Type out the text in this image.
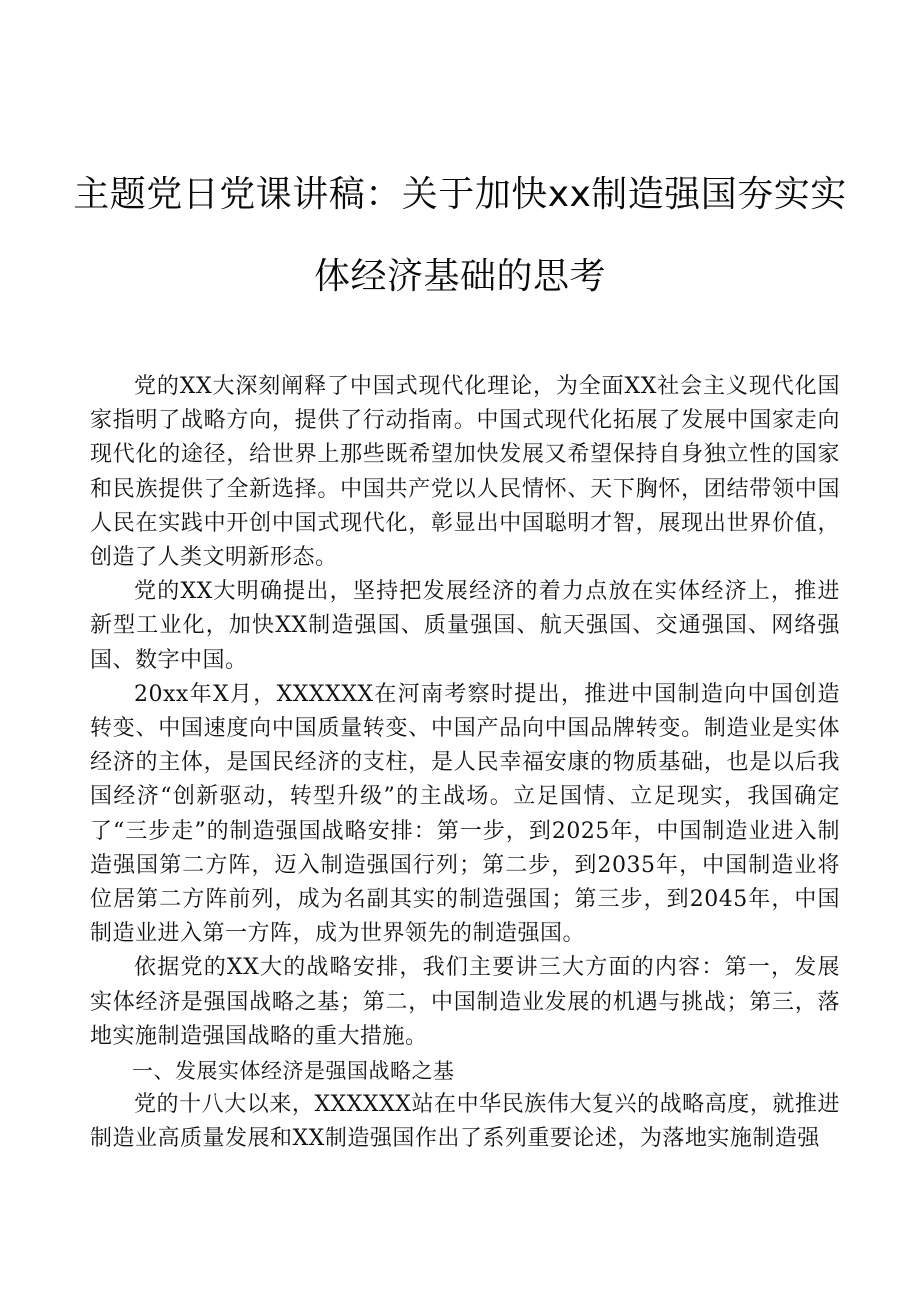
主题党日党课讲稿：关于加快xx制造强国夯实实
体经济基础的思考

党的XX大深刻阐释了中国式现代化理论，为全面XX社会主义现代化国家指明了战略方向，提供了行动指南。中国式现代化拓展了发展中国家走向现代化的途径，给世界上那些既希望加快发展又希望保持自身独立性的国家和民族提供了全新选择。中国共产党以人民情怀、天下胸怀，团结带领中国人民在实践中开创中国式现代化，彰显出中国聪明才智，展现出世界价值，创造了人类文明新形态。

党的XX大明确提出，坚持把发展经济的着力点放在实体经济上，推进新型工业化，加快XX制造强国、质量强国、航天强国、交通强国、网络强国、数字中国。

20xx年X月，XXXXXX在河南考察时提出，推进中国制造向中国创造转变、中国速度向中国质量转变、中国产品向中国品牌转变。制造业是实体经济的主体，是国民经济的支柱，是人民幸福安康的物质基础，也是以后我国经济“创新驱动，转型升级”的主战场。立足国情、立足现实，我国确定了“三步走”的制造强国战略安排：第一步，到2025年，中国制造业进入制造强国第二方阵，迈入制造强国行列；第二步，到2035年，中国制造业将位居第二方阵前列，成为名副其实的制造强国；第三步，到2045年，中国制造业进入第一方阵，成为世界领先的制造强国。

依据党的XX大的战略安排，我们主要讲三大方面的内容：第一，发展实体经济是强国战略之基；第二，中国制造业发展的机遇与挑战；第三，落地实施制造强国战略的重大措施。

一、发展实体经济是强国战略之基

党的十八大以来，XXXXXX站在中华民族伟大复兴的战略高度，就推进制造业高质量发展和XX制造强国作出了系列重要论述，为落地实施制造强
